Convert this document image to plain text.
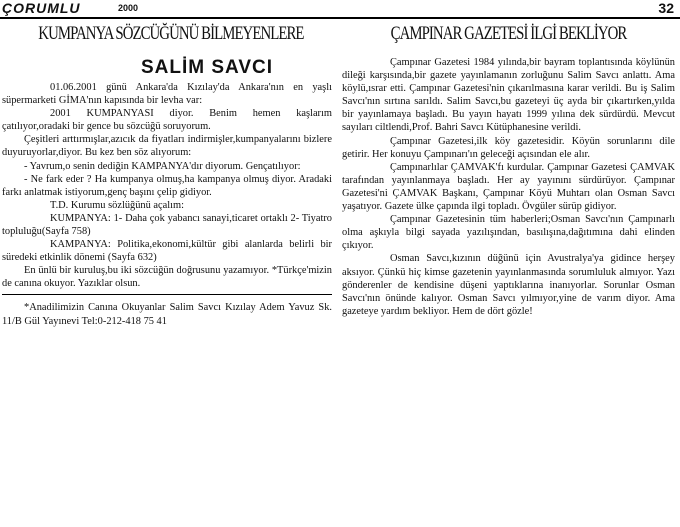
ÇORUMLU	2000	32
KUMPANYA SÖZCÜĞÜNÜ BİLMEYENLERE
SALİM SAVCI

01.06.2001 günü Ankara'da Kızılay'da Ankara'nın en yaşlı süpermarketi GİMA'nın kapısında bir levha var:

2001 KUMPANYASI diyor. Benim hemen kaşlarım çatılıyor,oradaki bir gence bu sözcüğü soruyorum.

Çeşitleri arttırmışlar,azıcık da fiyatları indirmişler,kumpanyalarını bizlere duyuruyorlar,diyor. Bu kez ben söz alıyorum:

- Yavrum,o senin dediğin KAMPANYA'dır diyorum. Gençatılıyor:

- Ne fark eder ? Ha kumpanya olmuş,ha kampanya olmuş diyor. Aradaki farkı anlatmak istiyorum,genç başını çelip gidiyor.

T.D. Kurumu sözlüğünü açalım:

KUMPANYA: 1- Daha çok yabancı sanayi,ticaret ortaklı 2- Tiyatro topluluğu(Sayfa 758)

KAMPANYA: Politika,ekonomi,kültür gibi alanlarda belirli bir süredeki etkinlik dönemi (Sayfa 632)

En ünlü bir kuruluş,bu iki sözcüğün doğrusunu yazamıyor. *Türkçe'mizin de canına okuyor. Yazıklar olsun.

*Anadilimizin Canına Okuyanlar Salim Savcı Kızılay Adem Yavuz Sk. 11/B Gül Yayınevi Tel:0-212-418 75 41

ÇAMPINAR GAZETESİ İLGİ BEKLİYOR

Çampınar Gazetesi 1984 yılında,bir bayram toplantısında köylünün dileği karşısında,bir gazete yayınlamanın zorluğunu Salim Savcı anlattı. Ama köylü,ısrar etti. Çampınar Gazetesi'nin çıkarılmasına karar verildi. Bu iş Salim Savcı'nın sırtına sarıldı. Salim Savcı,bu gazeteyi üç ayda bir çıkartırken,yılda bir yayınlamaya başladı. Bu yayın hayatı 1999 yılına dek sürdürdü. Mevcut sayıları ciltlendi,Prof. Bahri Savcı Kütüphanesine verildi.

Çampınar Gazetesi,ilk köy gazetesidir. Köyün sorunlarını dile getirir. Her konuyu Çampınarı'ın geleceği açısından ele alır.

Çampınarlılar ÇAMVAK'fı kurdular. Çampınar Gazetesi ÇAMVAK tarafından yayınlanmaya başladı. Her ay yayınını sürdürüyor. Çampınar Gazetesi'ni ÇAMVAK Başkanı, Çampınar Köyü Muhtarı olan Osman Savcı yaşatıyor. Gazete ülke çapında ilgi topladı. Övgüler sürüp gidiyor.

Çampınar Gazetesinin tüm haberleri;Osman Savcı'nın Çampınarlı olma aşkıyla bilgi sayada yazılışından, basılışına,dağıtımına dahi elinden çıkıyor.

Osman Savcı,kızının düğünü için Avustralya'ya gidince herşey aksıyor. Çünkü hiç kimse gazetenin yayınlanmasında sorumluluk almıyor. Yazı gönderenler de kendisine düşeni yaptıklarına inanıyorlar. Sorunlar Osman Savcı'nın önünde kalıyor. Osman Savcı yılmıyor,yine de varım diyor. Ama gazeteye yardım bekliyor. Hem de dört gözle!
